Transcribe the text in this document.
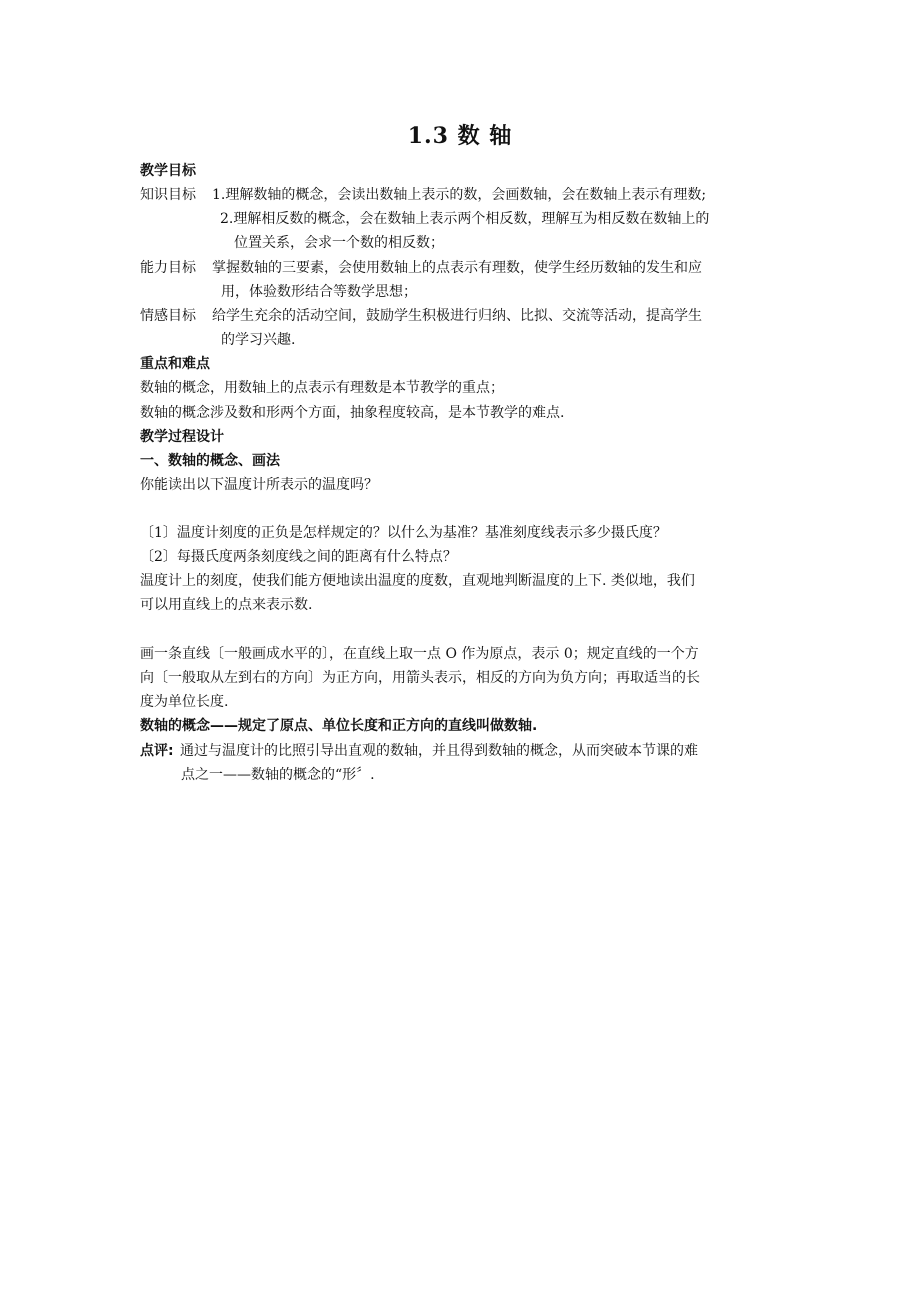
1.3 数 轴
教学目标
知识目标 1.理解数轴的概念，会读出数轴上表示的数，会画数轴，会在数轴上表示有理数;
2.理解相反数的概念，会在数轴上表示两个相反数，理解互为相反数在数轴上的
位置关系，会求一个数的相反数；
能力目标 掌握数轴的三要素，会使用数轴上的点表示有理数，使学生经历数轴的发生和应
用，体验数形结合等数学思想；
情感目标 给学生充余的活动空间，鼓励学生积极进行归纳、比拟、交流等活动，提高学生
的学习兴趣.
重点和难点
数轴的概念，用数轴上的点表示有理数是本节教学的重点；
数轴的概念涉及数和形两个方面，抽象程度较高，是本节教学的难点.
教学过程设计
一、数轴的概念、画法
你能读出以下温度计所表示的温度吗？
〔1〕温度计刻度的正负是怎样规定的？以什么为基准？基准刻度线表示多少摄氏度？
〔2〕每摄氏度两条刻度线之间的距离有什么特点？
温度计上的刻度，使我们能方便地读出温度的度数，直观地判断温度的上下. 类似地，我们
可以用直线上的点来表示数.
画一条直线〔一般画成水平的〕，在直线上取一点 O 作为原点，表示 0；规定直线的一个方
向〔一般取从左到右的方向〕为正方向，用箭头表示，相反的方向为负方向；再取适当的长
度为单位长度.
数轴的概念——规定了原点、单位长度和正方向的直线叫做数轴.
点评: 通过与温度计的比照引导出直观的数轴，并且得到数轴的概念，从而突破本节课的难
点之一——数轴的概念的“形〞.
